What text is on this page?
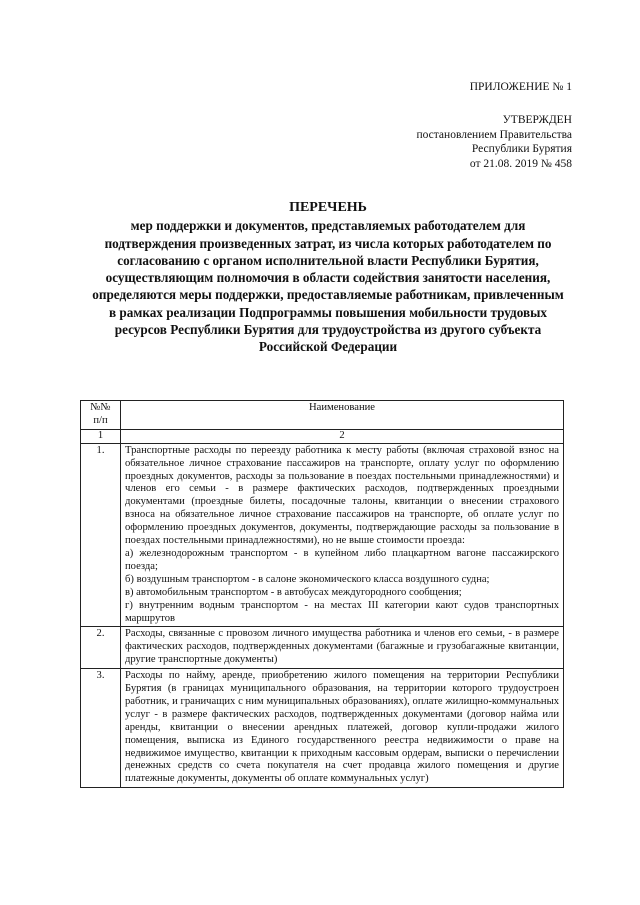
ПРИЛОЖЕНИЕ № 1
УТВЕРЖДЕН
постановлением Правительства
Республики Бурятия
от 21.08. 2019 № 458
ПЕРЕЧЕНЬ
мер поддержки и документов, представляемых работодателем для подтверждения произведенных затрат, из числа которых работодателем по согласованию с органом исполнительной власти Республики Бурятия, осуществляющим полномочия в области содействия занятости населения, определяются меры поддержки, предоставляемые работникам, привлеченным в рамках реализации Подпрограммы повышения мобильности трудовых ресурсов Республики Бурятия для трудоустройства из другого субъекта Российской Федерации
№№ п/п	Наименование
1	2
1.	Транспортные расходы по переезду работника к месту работы (включая страховой взнос на обязательное личное страхование пассажиров на транспорте, оплату услуг по оформлению проездных документов, расходы за пользование в поездах постельными принадлежностями) и членов его семьи - в размере фактических расходов, подтвержденных проездными документами (проездные билеты, посадочные талоны, квитанции о внесении страхового взноса на обязательное личное страхование пассажиров на транспорте, об оплате услуг по оформлению проездных документов, документы, подтверждающие расходы за пользование в поездах постельными принадлежностями), но не выше стоимости проезда:

а) железнодорожным транспортом - в купейном либо плацкартном вагоне пассажирского поезда;

б) воздушным транспортом - в салоне экономического класса воздушного судна;

в) автомобильным транспортом - в автобусах междугородного сообщения;

г) внутренним водным транспортом - на местах III категории кают судов транспортных маршрутов

2.	Расходы, связанные с провозом личного имущества работника и членов его семьи, - в размере фактических расходов, подтвержденных документами (багажные и грузобагажные квитанции, другие транспортные документы)

3.	Расходы по найму, аренде, приобретению жилого помещения на территории Республики Бурятия (в границах муниципального образования, на территории которого трудоустроен работник, и граничащих с ним муниципальных образованиях), оплате жилищно-коммунальных услуг - в размере фактических расходов, подтвержденных документами (договор найма или аренды, квитанции о внесении арендных платежей, договор купли-продажи жилого помещения, выписка из Единого государственного реестра недвижимости о праве на недвижимое имущество, квитанции к приходным кассовым ордерам, выписки о перечислении денежных средств со счета покупателя на счет продавца жилого помещения и другие платежные документы, документы об оплате коммунальных услуг)
